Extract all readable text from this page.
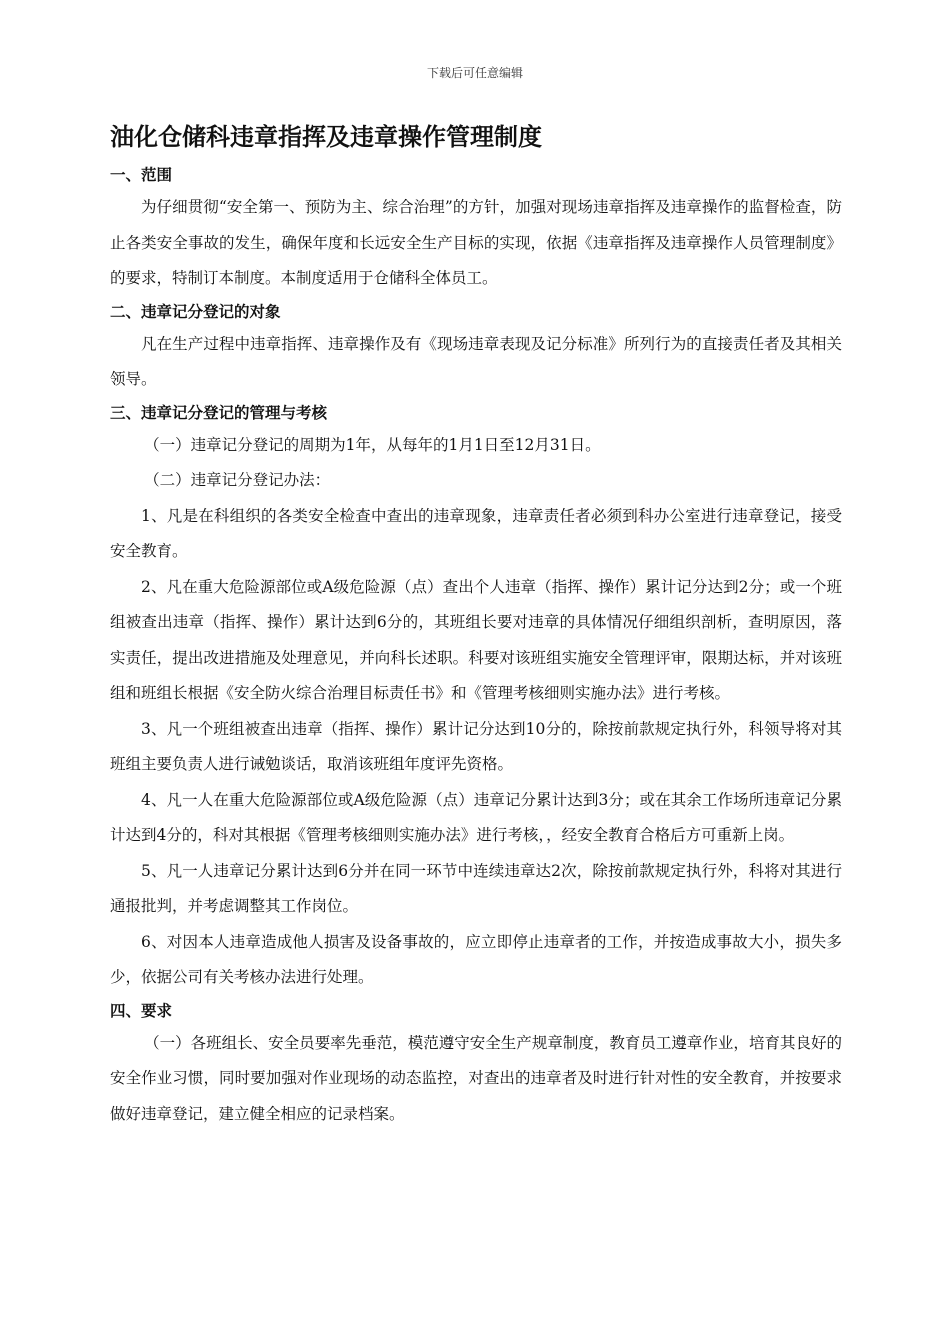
下载后可任意编辑
油化仓储科违章指挥及违章操作管理制度
一、范围

为仔细贯彻“安全第一、预防为主、综合治理”的方针，加强对现场违章指挥及违章操作的监督检查，防止各类安全事故的发生，确保年度和长远安全生产目标的实现，依据《违章指挥及违章操作人员管理制度》的要求，特制订本制度。本制度适用于仓储科全体员工。

二、违章记分登记的对象

凡在生产过程中违章指挥、违章操作及有《现场违章表现及记分标准》所列行为的直接责任者及其相关领导。

三、违章记分登记的管理与考核

（一）违章记分登记的周期为1年，从每年的1月1日至12月31日。

（二）违章记分登记办法：

1、凡是在科组织的各类安全检查中查出的违章现象，违章责任者必须到科办公室进行违章登记，接受安全教育。

2、凡在重大危险源部位或A级危险源（点）查出个人违章（指挥、操作）累计记分达到2分；或一个班组被查出违章（指挥、操作）累计达到6分的，其班组长要对违章的具体情况仔细组织剖析，查明原因，落实责任，提出改进措施及处理意见，并向科长述职。科要对该班组实施安全管理评审，限期达标，并对该班组和班组长根据《安全防火综合治理目标责任书》和《管理考核细则实施办法》进行考核。

3、凡一个班组被查出违章（指挥、操作）累计记分达到10分的，除按前款规定执行外，科领导将对其班组主要负责人进行诫勉谈话，取消该班组年度评先资格。

4、凡一人在重大危险源部位或A级危险源（点）违章记分累计达到3分；或在其余工作场所违章记分累计达到4分的，科对其根据《管理考核细则实施办法》进行考核，，经安全教育合格后方可重新上岗。

5、凡一人违章记分累计达到6分并在同一环节中连续违章达2次，除按前款规定执行外，科将对其进行通报批判，并考虑调整其工作岗位。

6、对因本人违章造成他人损害及设备事故的，应立即停止违章者的工作，并按造成事故大小，损失多少，依据公司有关考核办法进行处理。

四、要求

（一）各班组长、安全员要率先垂范，模范遵守安全生产规章制度，教育员工遵章作业，培育其良好的安全作业习惯，同时要加强对作业现场的动态监控，对查出的违章者及时进行针对性的安全教育，并按要求做好违章登记，建立健全相应的记录档案。
